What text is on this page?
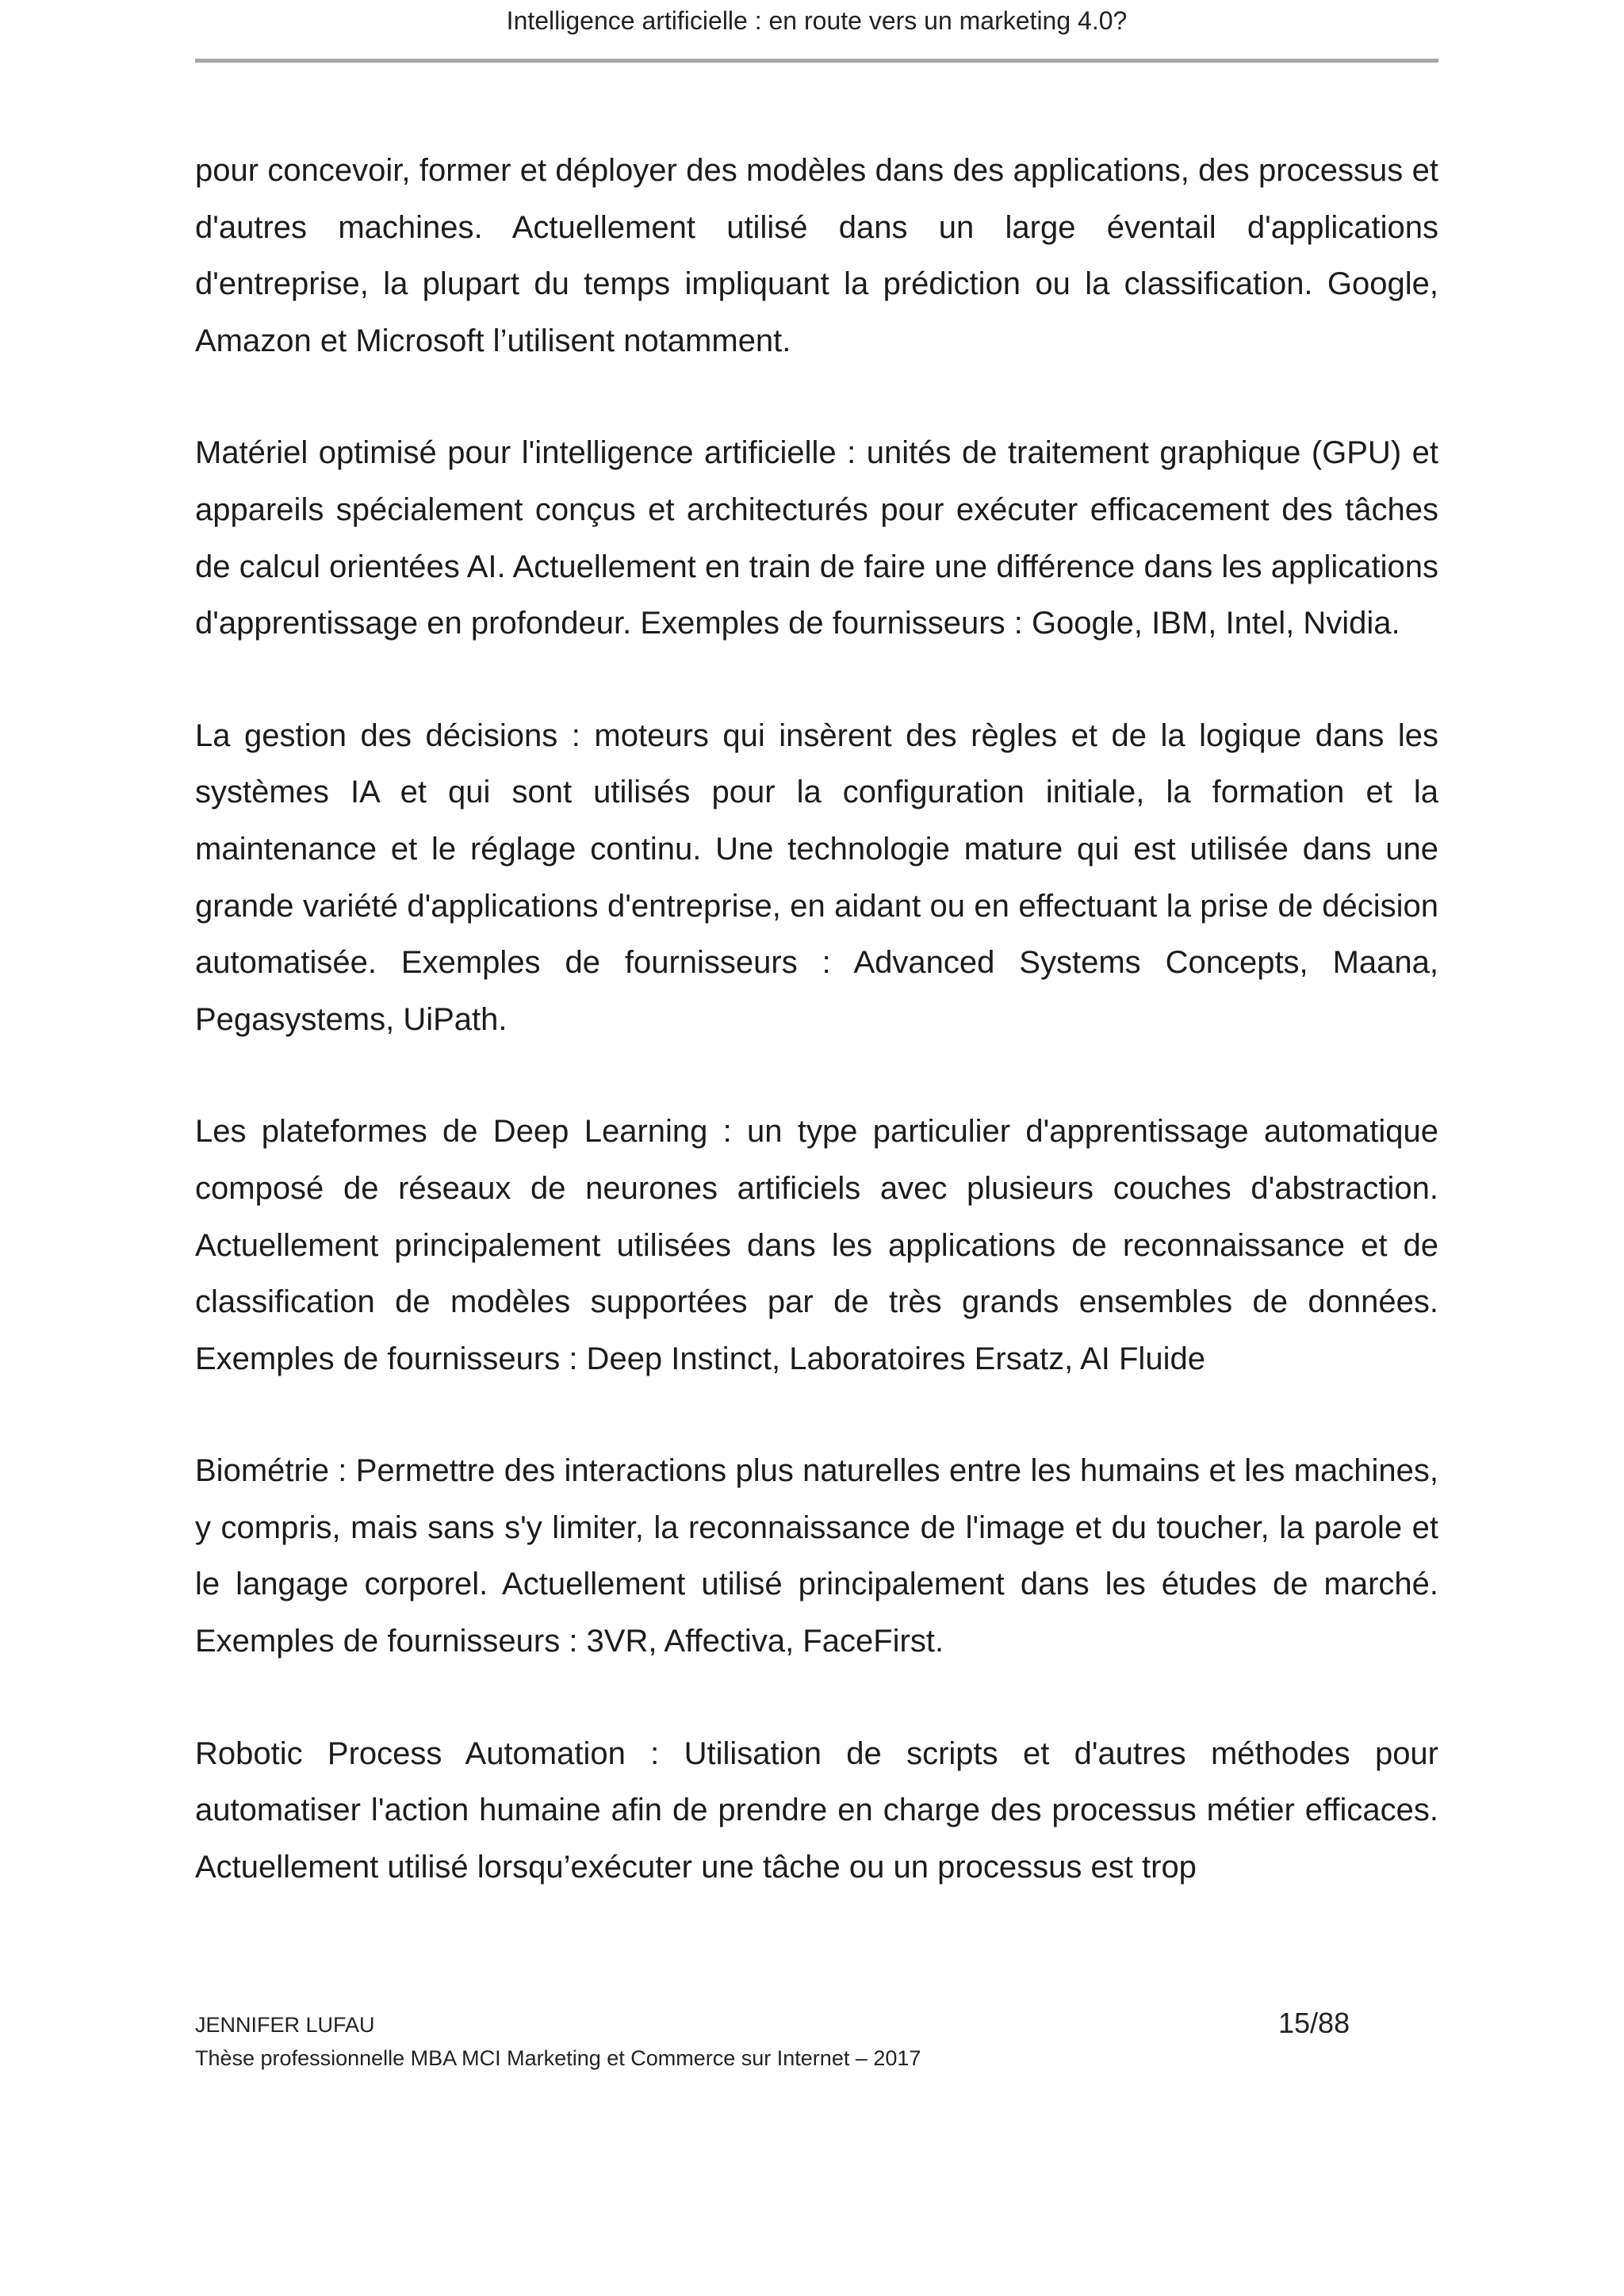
Intelligence artificielle : en route vers un marketing 4.0?

pour concevoir, former et déployer des modèles dans des applications, des processus et d'autres machines. Actuellement utilisé dans un large éventail d'applications d'entreprise, la plupart du temps impliquant la prédiction ou la classification. Google, Amazon et Microsoft l’utilisent notamment.

Matériel optimisé pour l'intelligence artificielle : unités de traitement graphique (GPU) et appareils spécialement conçus et architecturés pour exécuter efficacement des tâches de calcul orientées AI. Actuellement en train de faire une différence dans les applications d'apprentissage en profondeur. Exemples de fournisseurs : Google, IBM, Intel, Nvidia.

La gestion des décisions : moteurs qui insèrent des règles et de la logique dans les systèmes IA et qui sont utilisés pour la configuration initiale, la formation et la maintenance et le réglage continu. Une technologie mature qui est utilisée dans une grande variété d'applications d'entreprise, en aidant ou en effectuant la prise de décision automatisée. Exemples de fournisseurs : Advanced Systems Concepts, Maana, Pegasystems, UiPath.

Les plateformes de Deep Learning : un type particulier d'apprentissage automatique composé de réseaux de neurones artificiels avec plusieurs couches d'abstraction. Actuellement principalement utilisées dans les applications de reconnaissance et de classification de modèles supportées par de très grands ensembles de données. Exemples de fournisseurs : Deep Instinct, Laboratoires Ersatz, AI Fluide

Biométrie : Permettre des interactions plus naturelles entre les humains et les machines, y compris, mais sans s'y limiter, la reconnaissance de l'image et du toucher, la parole et le langage corporel. Actuellement utilisé principalement dans les études de marché. Exemples de fournisseurs : 3VR, Affectiva, FaceFirst.

Robotic Process Automation : Utilisation de scripts et d'autres méthodes pour automatiser l'action humaine afin de prendre en charge des processus métier efficaces. Actuellement utilisé lorsqu’exécuter une tâche ou un processus est trop

JENNIFER LUFAU	15/88
Thèse professionnelle MBA MCI Marketing et Commerce sur Internet – 2017
